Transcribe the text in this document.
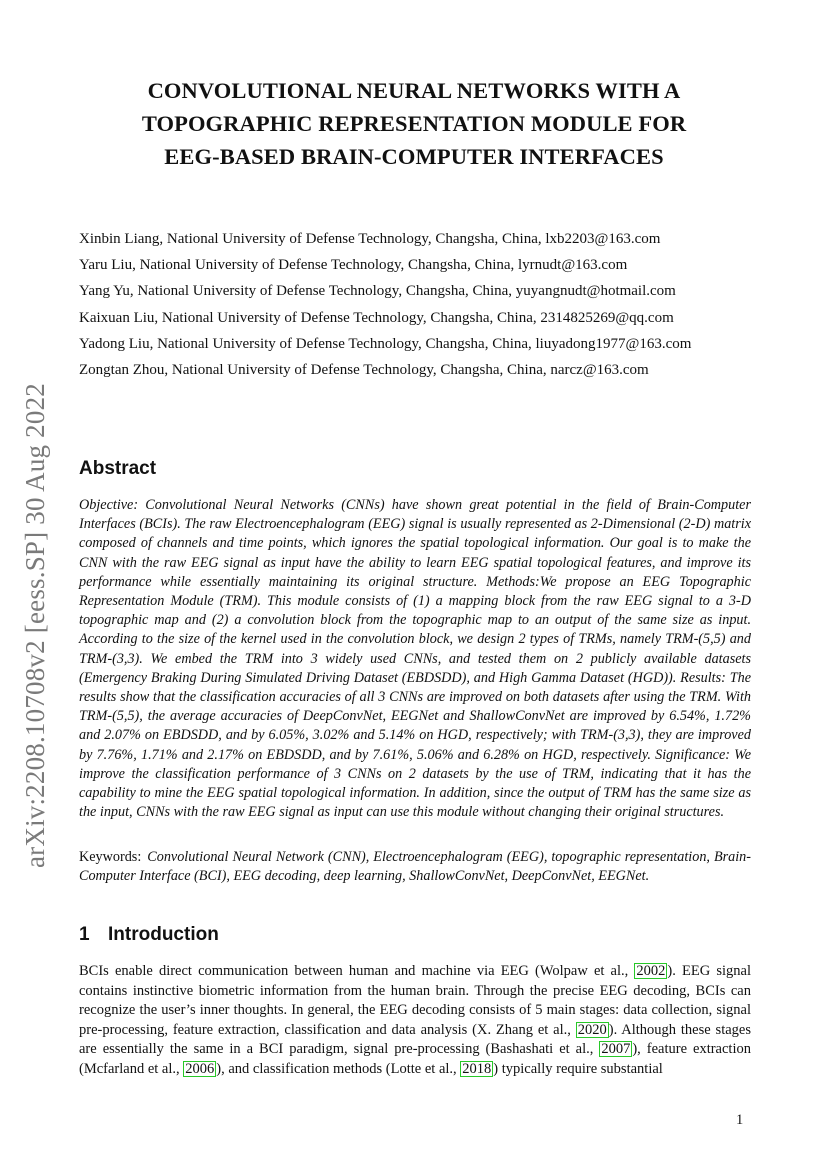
CONVOLUTIONAL NEURAL NETWORKS WITH A
TOPOGRAPHIC REPRESENTATION MODULE FOR
EEG-BASED BRAIN-COMPUTER INTERFACES
Xinbin Liang, National University of Defense Technology, Changsha, China, lxb2203@163.com
Yaru Liu, National University of Defense Technology, Changsha, China, lyrnudt@163.com
Yang Yu, National University of Defense Technology, Changsha, China, yuyangnudt@hotmail.com
Kaixuan Liu, National University of Defense Technology, Changsha, China, 2314825269@qq.com
Yadong Liu, National University of Defense Technology, Changsha, China, liuyadong1977@163.com
Zongtan Zhou, National University of Defense Technology, Changsha, China, narcz@163.com
arXiv:2208.10708v2 [eess.SP] 30 Aug 2022 Abstract
Objective: Convolutional Neural Networks (CNNs) have shown great potential in the field of Brain-Computer Interfaces (BCIs). The raw Electroencephalogram (EEG) signal is usually represented as 2-Dimensional (2-D) matrix composed of channels and time points, which ignores the spatial topological information. Our goal is to make the CNN with the raw EEG signal as input have the ability to learn EEG spatial topological features, and improve its performance while essentially maintaining its original structure. Methods:We propose an EEG Topographic Representation Module (TRM). This module consists of (1) a mapping block from the raw EEG signal to a 3-D topographic map and (2) a convolution block from the topographic map to an output of the same size as input. According to the size of the kernel used in the convolution block, we design 2 types of TRMs, namely TRM-(5,5) and TRM-(3,3). We embed the TRM into 3 widely used CNNs, and tested them on 2 publicly available datasets (Emergency Braking During Simulated Driving Dataset (EBDSDD), and High Gamma Dataset (HGD)). Results: The results show that the classification accuracies of all 3 CNNs are improved on both datasets after using the TRM. With TRM-(5,5), the average accuracies of DeepConvNet, EEGNet and ShallowConvNet are improved by 6.54%, 1.72% and 2.07% on EBDSDD, and by 6.05%, 3.02% and 5.14% on HGD, respectively; with TRM-(3,3), they are improved by 7.76%, 1.71% and 2.17% on EBDSDD, and by 7.61%, 5.06% and 6.28% on HGD, respectively. Significance: We improve the classification performance of 3 CNNs on 2 datasets by the use of TRM, indicating that it has the capability to mine the EEG spatial topological information. In addition, since the output of TRM has the same size as the input, CNNs with the raw EEG signal as input can use this module without changing their original structures.
Keywords: Convolutional Neural Network (CNN), Electroencephalogram (EEG), topographic representation, Brain-Computer Interface (BCI), EEG decoding, deep learning, ShallowConvNet, DeepConvNet, EEGNet.
1 Introduction
BCIs enable direct communication between human and machine via EEG (Wolpaw et al., 2002 ). EEG signal contains instinctive biometric information from the human brain. Through the precise EEG decoding, BCIs can recognize the user’s inner thoughts. In general, the EEG decoding consists of 5 main stages: data collection, signal pre-processing, feature extraction, classification and data analysis (X. Zhang et al., 2020 ). Although these stages are essentially the same in a BCI paradigm, signal pre-processing (Bashashati et al., 2007 ), feature extraction (Mcfarland et al., 2006 ), and classification methods (Lotte et al., 2018 ) typically require substantial
1
